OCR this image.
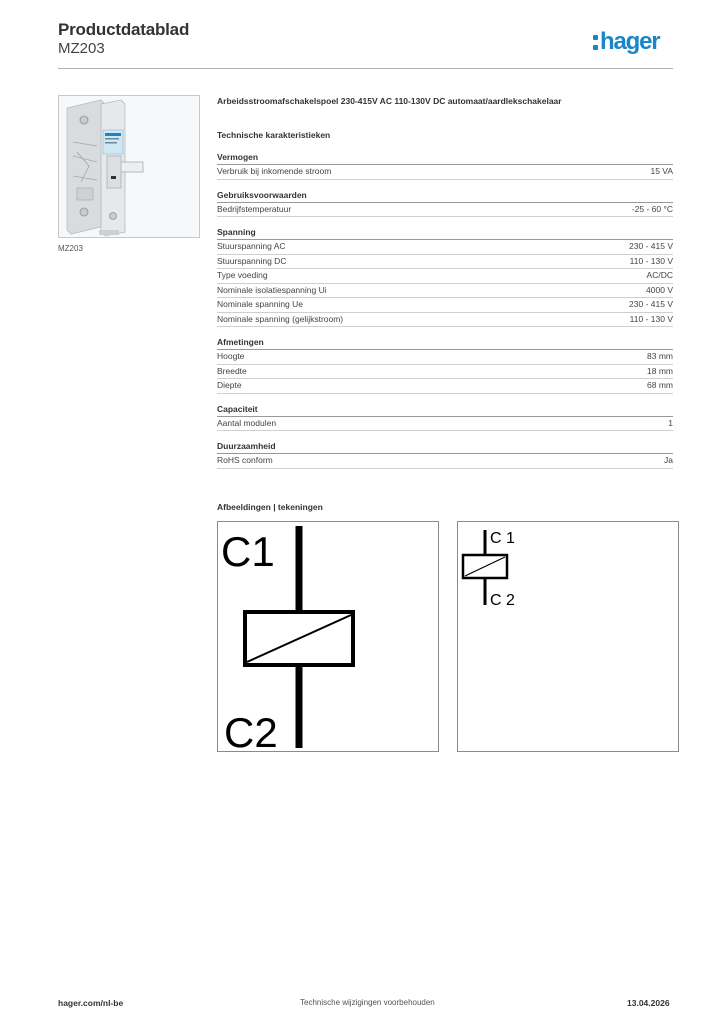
Productdatablad
MZ203	hager
MZ203

Arbeidsstroomafschakelspoel 230-415V AC 110-130V DC automaat/aardlekschakelaar

Technische karakteristieken

Vermogen
Verbruik bij inkomende stroom	15 VA
Gebruiksvoorwaarden
Bedrijfstemperatuur	-25 - 60 °C
Spanning
Stuurspanning AC	230 - 415 V
Stuurspanning DC	110 - 130 V
Type voeding	AC/DC
Nominale isolatiespanning Ui	4000 V
Nominale spanning Ue	230 - 415 V
Nominale spanning (gelijkstroom)	110 - 130 V
Afmetingen
Hoogte	83 mm
Breedte	18 mm
Diepte	68 mm
Capaciteit
Aantal modulen	1
Duurzaamheid
RoHS conform	Ja
Afbeeldingen | tekeningen
C1
C2
C 1
C 2
hager.com/nl-be	Technische wijzigingen voorbehouden	13.04.2026
